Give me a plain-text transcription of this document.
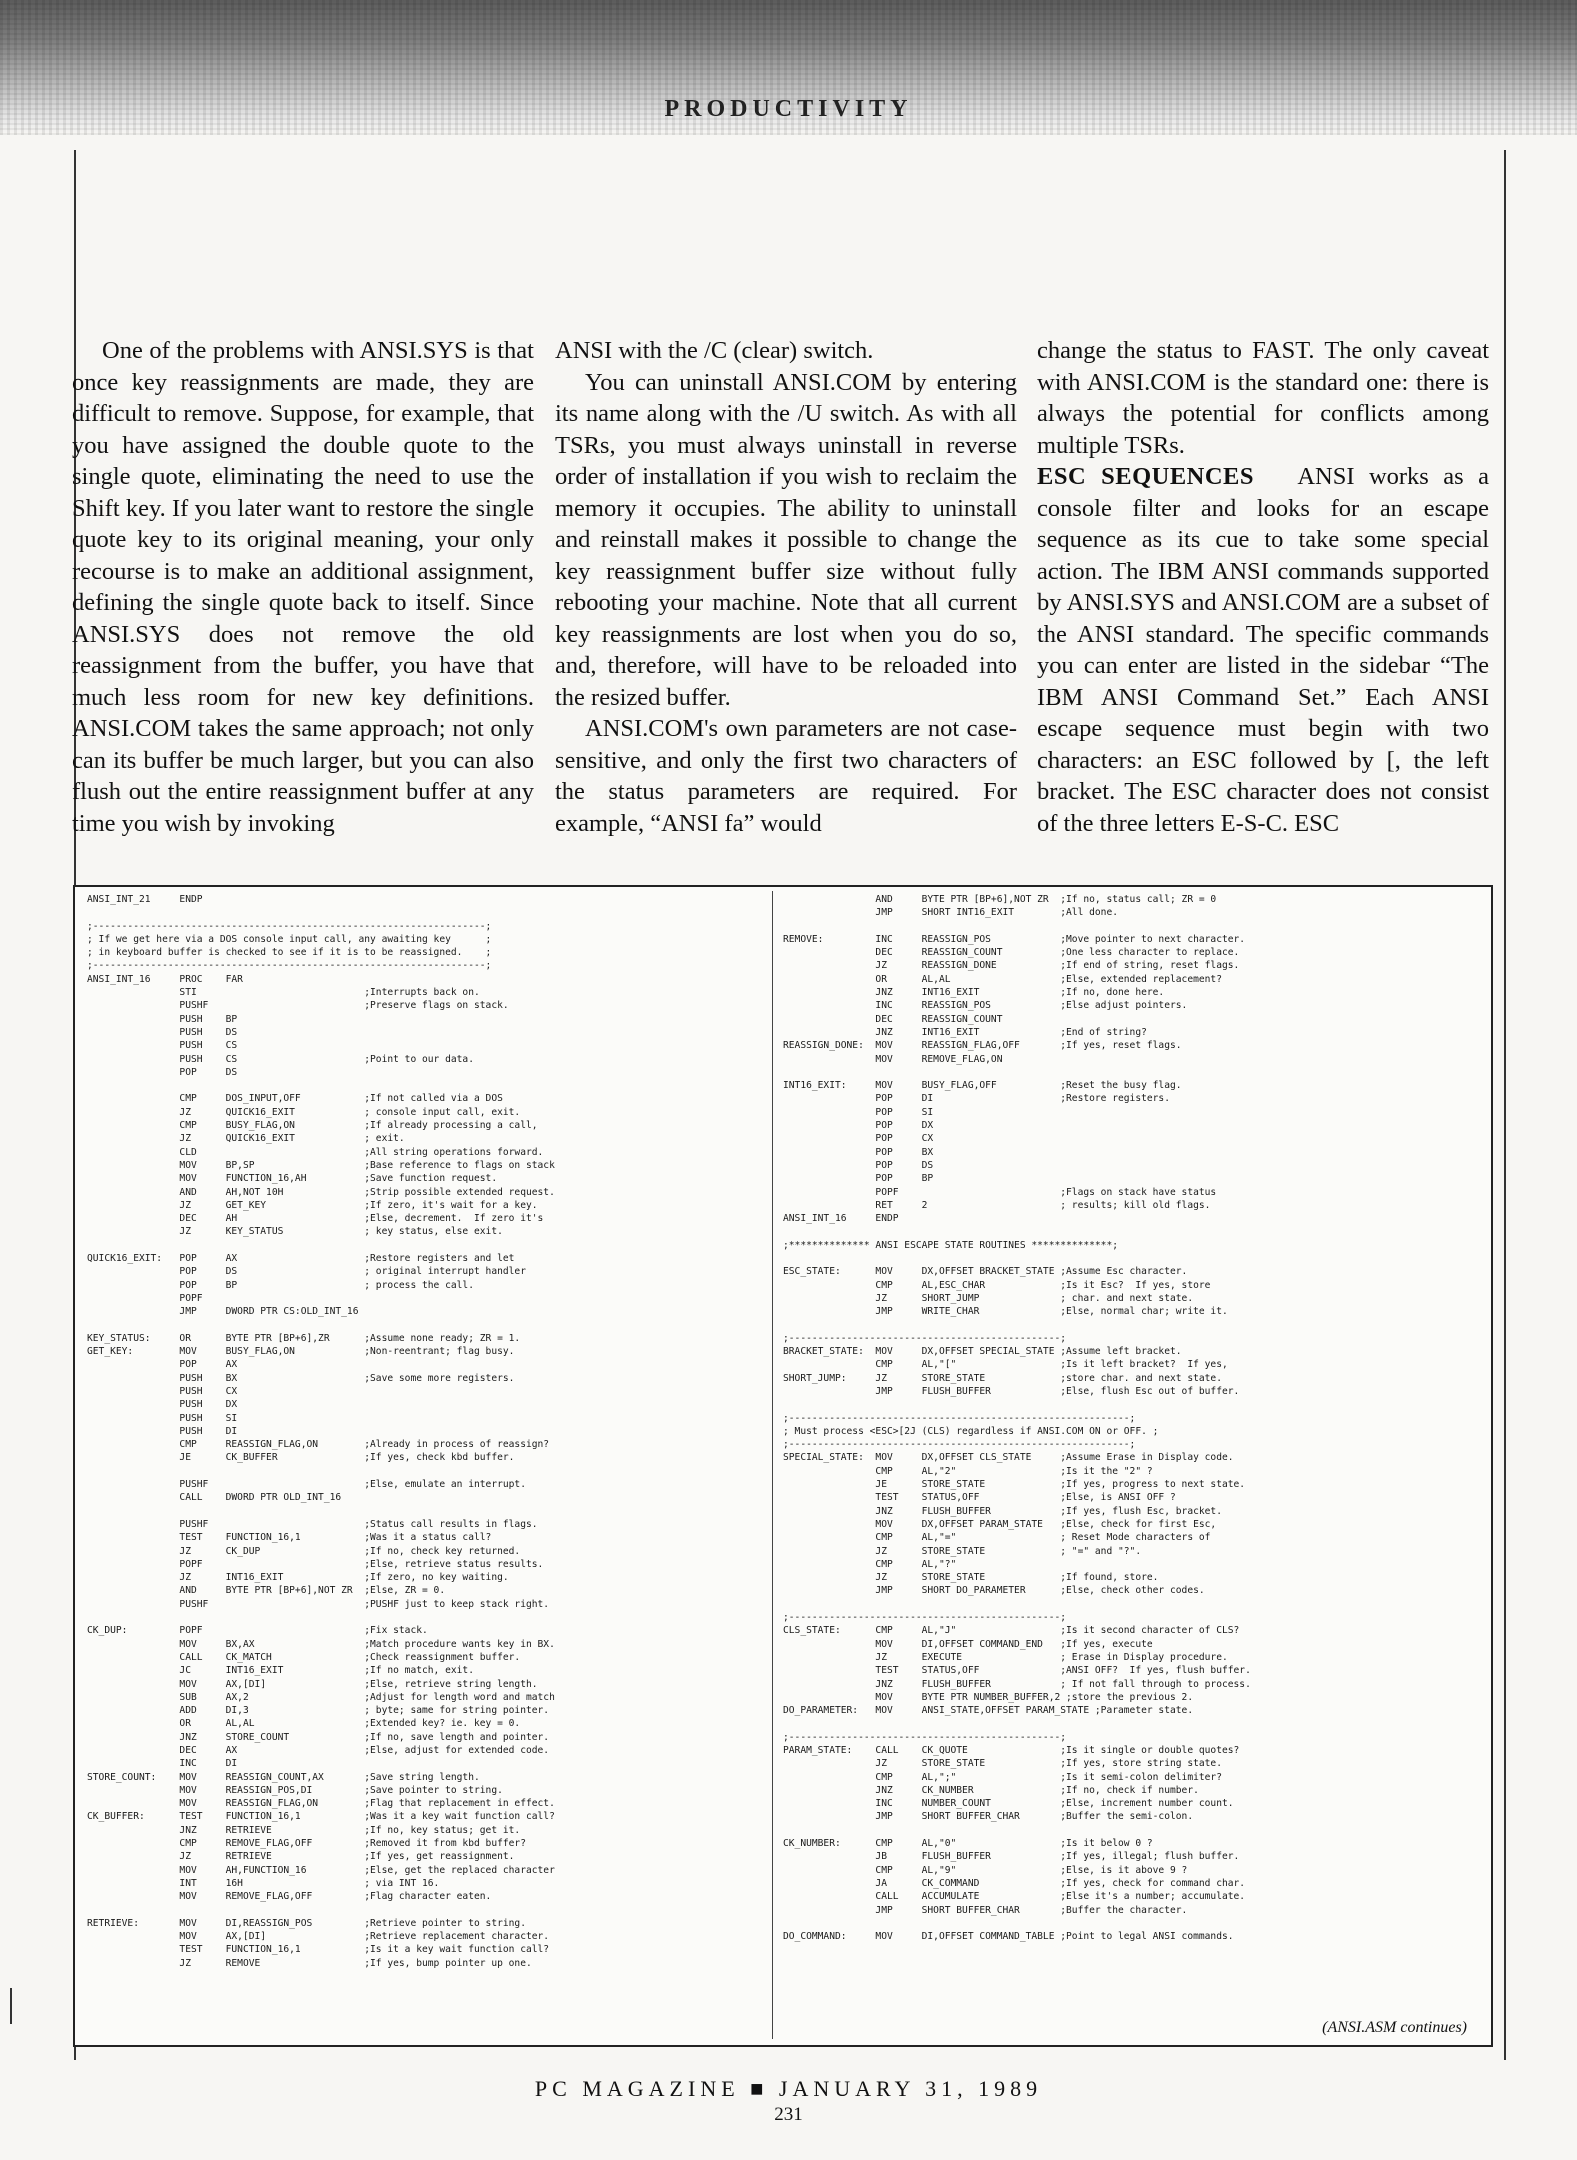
PRODUCTIVITY

One of the problems with ANSI.SYS is that once key reassignments are made, they are difficult to remove. Suppose, for example, that you have assigned the double quote to the single quote, eliminating the need to use the Shift key. If you later want to restore the single quote key to its original meaning, your only recourse is to make an additional assignment, defining the single quote back to itself. Since ANSI.SYS does not remove the old reassignment from the buffer, you have that much less room for new key definitions. ANSI.COM takes the same approach; not only can its buffer be much larger, but you can also flush out the entire reassignment buffer at any time you wish by invoking

ANSI with the /C (clear) switch.

You can uninstall ANSI.COM by entering its name along with the /U switch. As with all TSRs, you must always uninstall in reverse order of installation if you wish to reclaim the memory it occupies. The ability to uninstall and reinstall makes it possible to change the key reassignment buffer size without fully rebooting your machine. Note that all current key reassignments are lost when you do so, and, therefore, will have to be reloaded into the resized buffer.

ANSI.COM's own parameters are not case-sensitive, and only the first two characters of the status parameters are required. For example, “ANSI fa” would

change the status to FAST. The only caveat with ANSI.COM is the standard one: there is always the potential for conflicts among multiple TSRs.

ESC SEQUENCES ANSI works as a console filter and looks for an escape sequence as its cue to take some special action. The IBM ANSI commands supported by ANSI.SYS and ANSI.COM are a subset of the ANSI standard. The specific commands you can enter are listed in the sidebar “The IBM ANSI Command Set.” Each ANSI escape sequence must begin with two characters: an ESC followed by [, the left bracket. The ESC character does not consist of the three letters E-S-C. ESC

ANSI_INT_21     ENDP

;--------------------------------------------------------------------;
; If we get here via a DOS console input call, any awaiting key      ;
; in keyboard buffer is checked to see if it is to be reassigned.    ;
;--------------------------------------------------------------------;
ANSI_INT_16     PROC    FAR
STI                             ;Interrupts back on.
PUSHF                           ;Preserve flags on stack.
PUSH    BP
PUSH    DS
PUSH    CS
PUSH    CS                      ;Point to our data.
POP     DS

CMP     DOS_INPUT,OFF           ;If not called via a DOS
JZ      QUICK16_EXIT            ; console input call, exit.
CMP     BUSY_FLAG,ON            ;If already processing a call,
JZ      QUICK16_EXIT            ; exit.
CLD                             ;All string operations forward.
MOV     BP,SP                   ;Base reference to flags on stack
MOV     FUNCTION_16,AH          ;Save function request.
AND     AH,NOT 10H              ;Strip possible extended request.
JZ      GET_KEY                 ;If zero, it's wait for a key.
DEC     AH                      ;Else, decrement.  If zero it's
JZ      KEY_STATUS              ; key status, else exit.

QUICK16_EXIT:   POP     AX                      ;Restore registers and let
POP     DS                      ; original interrupt handler
POP     BP                      ; process the call.
POPF
JMP     DWORD PTR CS:OLD_INT_16

KEY_STATUS:     OR      BYTE PTR [BP+6],ZR      ;Assume none ready; ZR = 1.
GET_KEY:        MOV     BUSY_FLAG,ON            ;Non-reentrant; flag busy.
POP     AX
PUSH    BX                      ;Save some more registers.
PUSH    CX
PUSH    DX
PUSH    SI
PUSH    DI
CMP     REASSIGN_FLAG,ON        ;Already in process of reassign?
JE      CK_BUFFER               ;If yes, check kbd buffer.

PUSHF                           ;Else, emulate an interrupt.
CALL    DWORD PTR OLD_INT_16

PUSHF                           ;Status call results in flags.
TEST    FUNCTION_16,1           ;Was it a status call?
JZ      CK_DUP                  ;If no, check key returned.
POPF                            ;Else, retrieve status results.
JZ      INT16_EXIT              ;If zero, no key waiting.
AND     BYTE PTR [BP+6],NOT ZR  ;Else, ZR = 0.
PUSHF                           ;PUSHF just to keep stack right.

CK_DUP:         POPF                            ;Fix stack.
MOV     BX,AX                   ;Match procedure wants key in BX.
CALL    CK_MATCH                ;Check reassignment buffer.
JC      INT16_EXIT              ;If no match, exit.
MOV     AX,[DI]                 ;Else, retrieve string length.
SUB     AX,2                    ;Adjust for length word and match
ADD     DI,3                    ; byte; same for string pointer.
OR      AL,AL                   ;Extended key? ie. key = 0.
JNZ     STORE_COUNT             ;If no, save length and pointer.
DEC     AX                      ;Else, adjust for extended code.
INC     DI
STORE_COUNT:    MOV     REASSIGN_COUNT,AX       ;Save string length.
MOV     REASSIGN_POS,DI         ;Save pointer to string.
MOV     REASSIGN_FLAG,ON        ;Flag that replacement in effect.
CK_BUFFER:      TEST    FUNCTION_16,1           ;Was it a key wait function call?
JNZ     RETRIEVE                ;If no, key status; get it.
CMP     REMOVE_FLAG,OFF         ;Removed it from kbd buffer?
JZ      RETRIEVE                ;If yes, get reassignment.
MOV     AH,FUNCTION_16          ;Else, get the replaced character
INT     16H                     ; via INT 16.
MOV     REMOVE_FLAG,OFF         ;Flag character eaten.

RETRIEVE:       MOV     DI,REASSIGN_POS         ;Retrieve pointer to string.
MOV     AX,[DI]                 ;Retrieve replacement character.
TEST    FUNCTION_16,1           ;Is it a key wait function call?
JZ      REMOVE                  ;If yes, bump pointer up one.
AND     BYTE PTR [BP+6],NOT ZR  ;If no, status call; ZR = 0
JMP     SHORT INT16_EXIT        ;All done.

REMOVE:         INC     REASSIGN_POS            ;Move pointer to next character.
DEC     REASSIGN_COUNT          ;One less character to replace.
JZ      REASSIGN_DONE           ;If end of string, reset flags.
OR      AL,AL                   ;Else, extended replacement?
JNZ     INT16_EXIT              ;If no, done here.
INC     REASSIGN_POS            ;Else adjust pointers.
DEC     REASSIGN_COUNT
JNZ     INT16_EXIT              ;End of string?
REASSIGN_DONE:  MOV     REASSIGN_FLAG,OFF       ;If yes, reset flags.
MOV     REMOVE_FLAG,ON

INT16_EXIT:     MOV     BUSY_FLAG,OFF           ;Reset the busy flag.
POP     DI                      ;Restore registers.
POP     SI
POP     DX
POP     CX
POP     BX
POP     DS
POP     BP
POPF                            ;Flags on stack have status
RET     2                       ; results; kill old flags.
ANSI_INT_16     ENDP

;************** ANSI ESCAPE STATE ROUTINES **************;

ESC_STATE:      MOV     DX,OFFSET BRACKET_STATE ;Assume Esc character.
CMP     AL,ESC_CHAR             ;Is it Esc?  If yes, store
JZ      SHORT_JUMP              ; char. and next state.
JMP     WRITE_CHAR              ;Else, normal char; write it.

;-----------------------------------------------;
BRACKET_STATE:  MOV     DX,OFFSET SPECIAL_STATE ;Assume left bracket.
CMP     AL,"["                  ;Is it left bracket?  If yes,
SHORT_JUMP:     JZ      STORE_STATE             ;store char. and next state.
JMP     FLUSH_BUFFER            ;Else, flush Esc out of buffer.

;-----------------------------------------------------------;
; Must process <ESC>[2J (CLS) regardless if ANSI.COM ON or OFF. ;
;-----------------------------------------------------------;
SPECIAL_STATE:  MOV     DX,OFFSET CLS_STATE     ;Assume Erase in Display code.
CMP     AL,"2"                  ;Is it the "2" ?
JE      STORE_STATE             ;If yes, progress to next state.
TEST    STATUS,OFF              ;Else, is ANSI OFF ?
JNZ     FLUSH_BUFFER            ;If yes, flush Esc, bracket.
MOV     DX,OFFSET PARAM_STATE   ;Else, check for first Esc,
CMP     AL,"="                  ; Reset Mode characters of
JZ      STORE_STATE             ; "=" and "?".
CMP     AL,"?"
JZ      STORE_STATE             ;If found, store.
JMP     SHORT DO_PARAMETER      ;Else, check other codes.

;-----------------------------------------------;
CLS_STATE:      CMP     AL,"J"                  ;Is it second character of CLS?
MOV     DI,OFFSET COMMAND_END   ;If yes, execute
JZ      EXECUTE                 ; Erase in Display procedure.
TEST    STATUS,OFF              ;ANSI OFF?  If yes, flush buffer.
JNZ     FLUSH_BUFFER            ; If not fall through to process.
MOV     BYTE PTR NUMBER_BUFFER,2 ;store the previous 2.
DO_PARAMETER:   MOV     ANSI_STATE,OFFSET PARAM_STATE ;Parameter state.

;-----------------------------------------------;
PARAM_STATE:    CALL    CK_QUOTE                ;Is it single or double quotes?
JZ      STORE_STATE             ;If yes, store string state.
CMP     AL,";"                  ;Is it semi-colon delimiter?
JNZ     CK_NUMBER               ;If no, check if number.
INC     NUMBER_COUNT            ;Else, increment number count.
JMP     SHORT BUFFER_CHAR       ;Buffer the semi-colon.

CK_NUMBER:      CMP     AL,"0"                  ;Is it below 0 ?
JB      FLUSH_BUFFER            ;If yes, illegal; flush buffer.
CMP     AL,"9"                  ;Else, is it above 9 ?
JA      CK_COMMAND              ;If yes, check for command char.
CALL    ACCUMULATE              ;Else it's a number; accumulate.
JMP     SHORT BUFFER_CHAR       ;Buffer the character.

DO_COMMAND:     MOV     DI,OFFSET COMMAND_TABLE ;Point to legal ANSI commands.
(ANSI.ASM continues)
PC MAGAZINE ■ JANUARY 31, 1989
231
